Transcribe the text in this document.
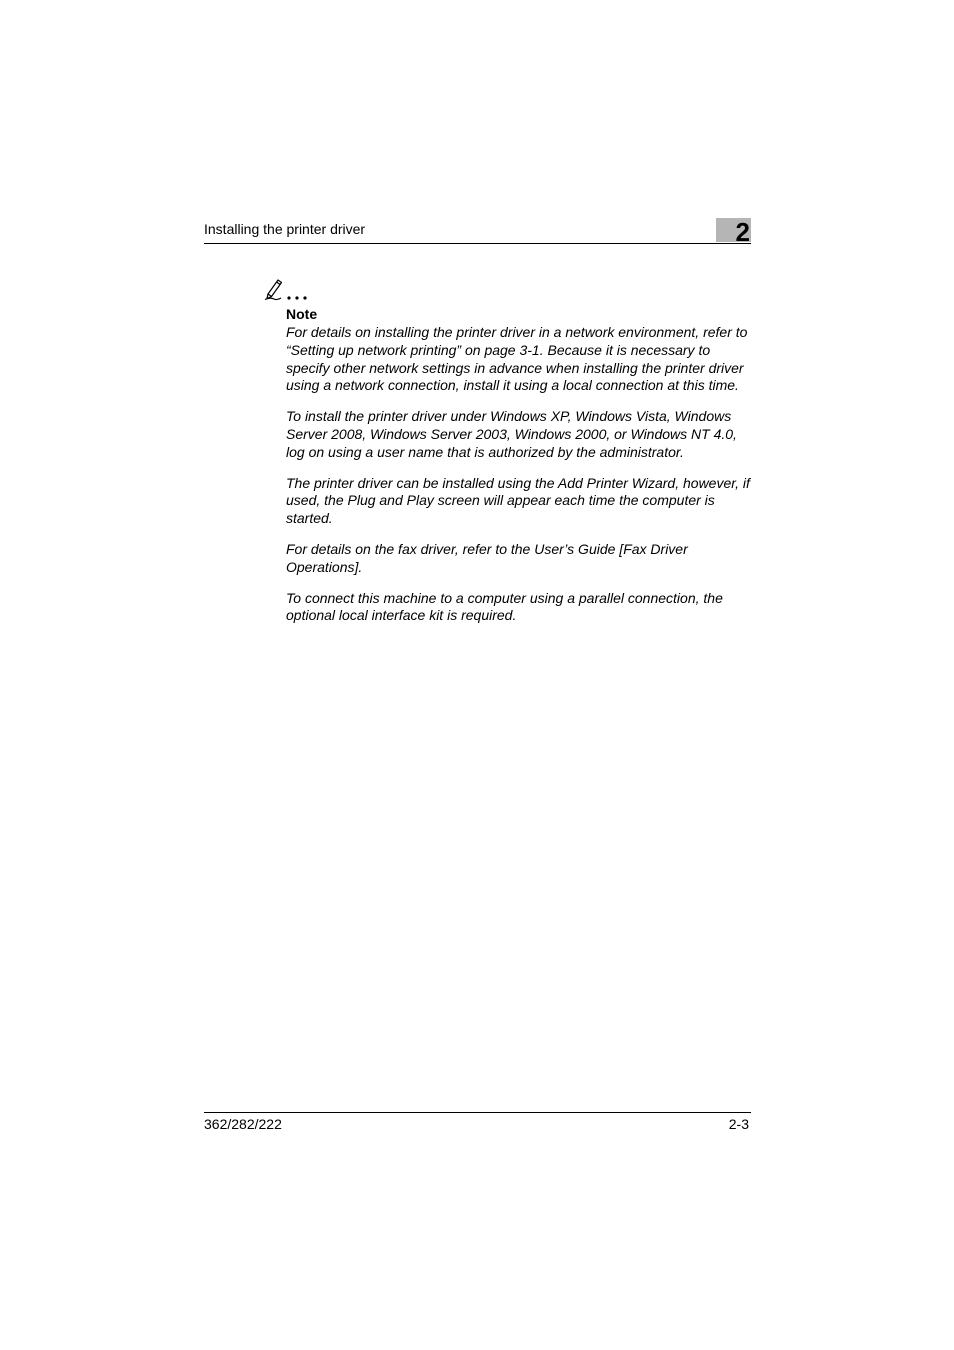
Installing the printer driver	2
Note

For details on installing the printer driver in a network environment, refer to “Setting up network printing” on page 3-1. Because it is necessary to specify other network settings in advance when installing the printer driver using a network connection, install it using a local connection at this time.

To install the printer driver under Windows XP, Windows Vista, Windows Server 2008, Windows Server 2003, Windows 2000, or Windows NT 4.0, log on using a user name that is authorized by the administrator.

The printer driver can be installed using the Add Printer Wizard, however, if used, the Plug and Play screen will appear each time the computer is started.

For details on the fax driver, refer to the User’s Guide [Fax Driver Operations].

To connect this machine to a computer using a parallel connection, the optional local interface kit is required.

362/282/222	2-3
